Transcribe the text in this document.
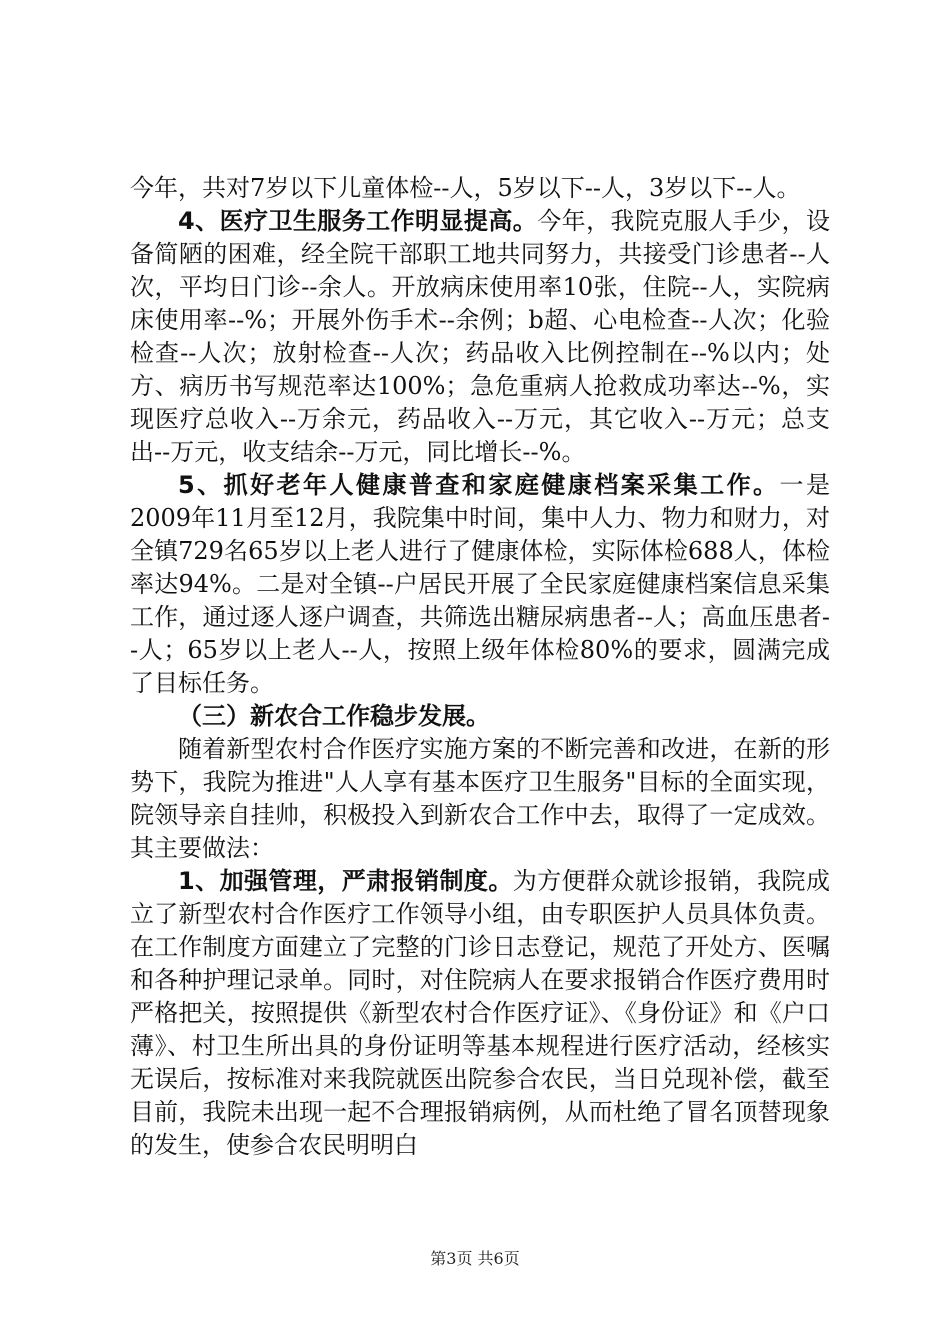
今年，共对7岁以下儿童体检--人，5岁以下--人，3岁以下--人。

4、医疗卫生服务工作明显提高。今年，我院克服人手少，设备简陋的困难，经全院干部职工地共同努力，共接受门诊患者--人次，平均日门诊--余人。开放病床使用率10张，住院--人，实院病床使用率--%；开展外伤手术--余例；b超、心电检查--人次；化验检查--人次；放射检查--人次；药品收入比例控制在--%以内；处方、病历书写规范率达100%；急危重病人抢救成功率达--%，实现医疗总收入--万余元，药品收入--万元，其它收入--万元；总支出--万元，收支结余--万元，同比增长--%。

5、抓好老年人健康普查和家庭健康档案采集工作。一是2009年11月至12月，我院集中时间，集中人力、物力和财力，对全镇729名65岁以上老人进行了健康体检，实际体检688人，体检率达94%。二是对全镇--户居民开展了全民家庭健康档案信息采集工作，通过逐人逐户调查，共筛选出糖尿病患者--人；高血压患者--人；65岁以上老人--人，按照上级年体检80%的要求，圆满完成了目标任务。

（三）新农合工作稳步发展。

随着新型农村合作医疗实施方案的不断完善和改进，在新的形势下，我院为推进"人人享有基本医疗卫生服务"目标的全面实现，院领导亲自挂帅，积极投入到新农合工作中去，取得了一定成效。其主要做法：

1、加强管理，严肃报销制度。为方便群众就诊报销，我院成立了新型农村合作医疗工作领导小组，由专职医护人员具体负责。在工作制度方面建立了完整的门诊日志登记，规范了开处方、医嘱和各种护理记录单。同时，对住院病人在要求报销合作医疗费用时严格把关，按照提供《新型农村合作医疗证》、《身份证》和《户口薄》、村卫生所出具的身份证明等基本规程进行医疗活动，经核实无误后，按标准对来我院就医出院参合农民，当日兑现补偿，截至目前，我院未出现一起不合理报销病例，从而杜绝了冒名顶替现象的发生，使参合农民明明白

第3页 共6页
